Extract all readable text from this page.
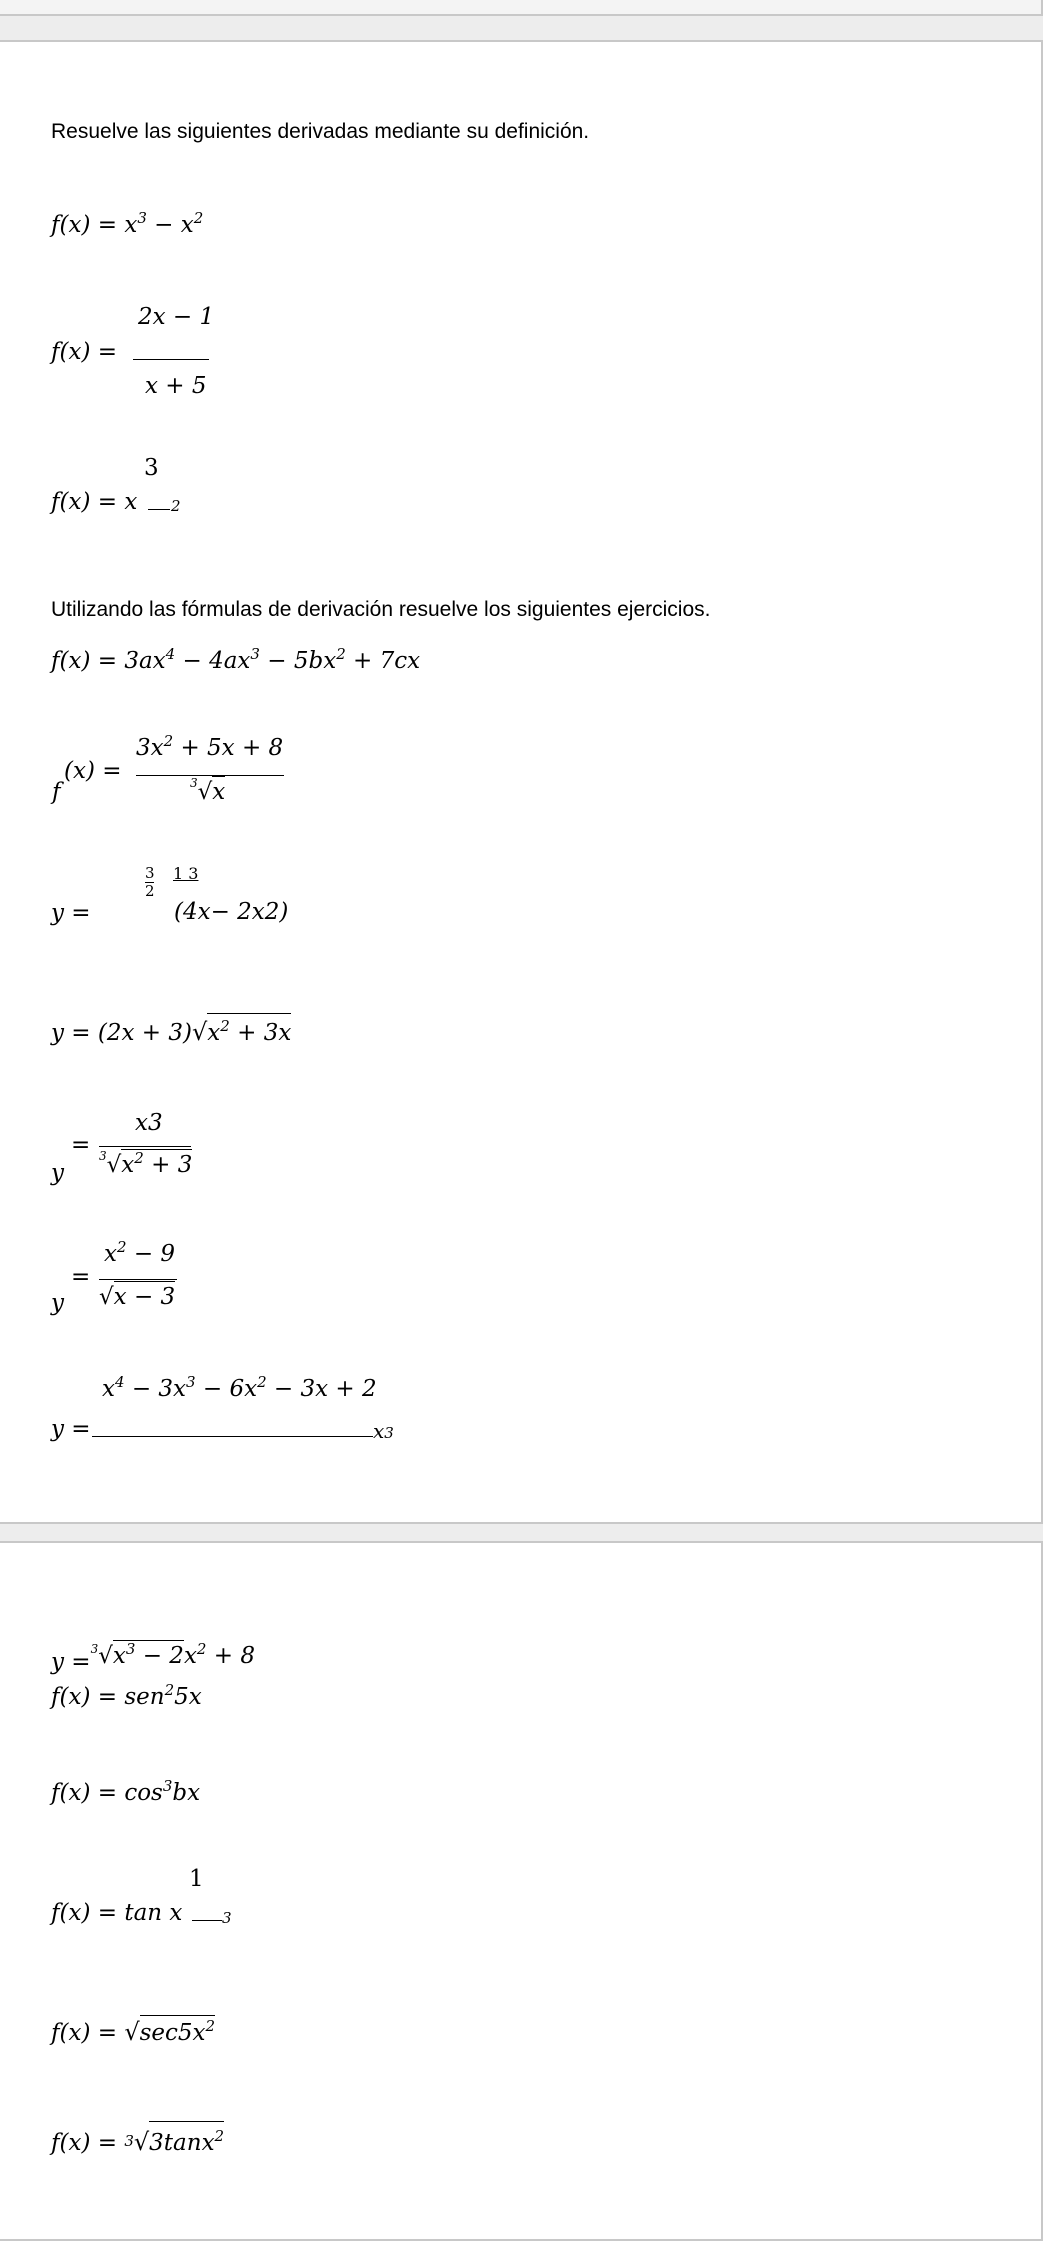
Resuelve las siguientes derivadas mediante su definición.
$f(x) = x^3 - x^2$
f(x) =
2x − 1
x + 5
3
f(x) = x 2
Utilizando las fórmulas de derivación resuelve los siguientes ejercicios.
$f(x) = 3ax^4 - 4ax^3 - 5bx^2 + 7cx$
f
(x) =
$3x^2 + 5x + 8$
$^3$√x
y =
3
2
1 3
(4x− 2x2)
$y = (2x + 3)√x^2 + 3x$
y
=
x3
$^3√x^2 + 3$
y
=
$x^2 - 9$
√x − 3
$x^4 - 3x^3 - 6x^2 - 3x + 2$
y =	x3
$y =^3√x^3 - 2x^2 + 8$
f(x) = sen$^2$5x
$f(x) = \cos^3bx$
1
f(x) = tan x	3
$f(x) = √\sec 5x^2$
f(x) = 3√3tanx$^2$
